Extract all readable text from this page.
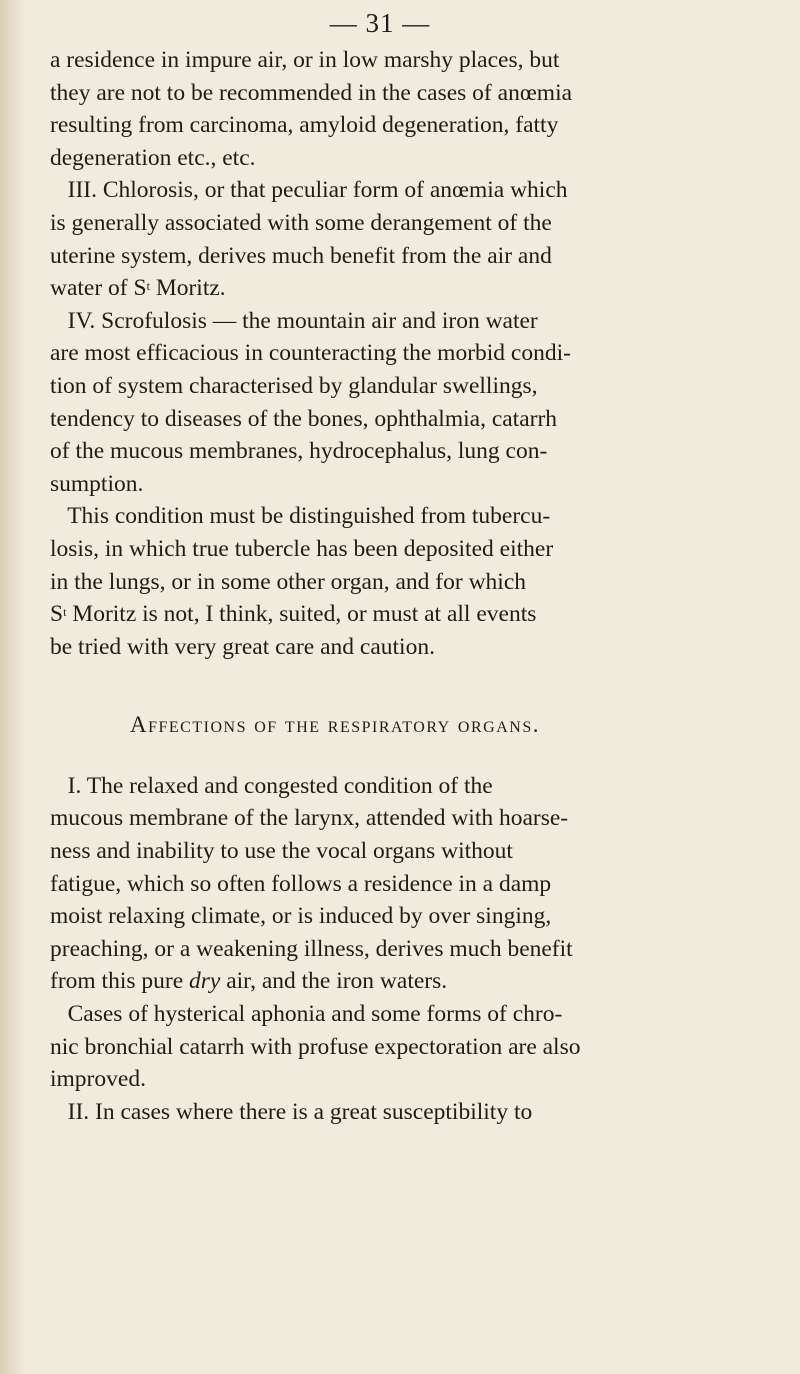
— 31 —
a residence in impure air, or in low marshy places, but
they are not to be recommended in the cases of anœmia
resulting from carcinoma, amyloid degeneration, fatty
degeneration etc., etc.
III. Chlorosis, or that peculiar form of anœmia which
is generally associated with some derangement of the
uterine system, derives much benefit from the air and
water of $S^t$ Moritz.
IV. Scrofulosis — the mountain air and iron water
are most efficacious in counteracting the morbid condi-
tion of system characterised by glandular swellings,
tendency to diseases of the bones, ophthalmia, catarrh
of the mucous membranes, hydrocephalus, lung con-
sumption.
This condition must be distinguished from tubercu-
losis, in which true tubercle has been deposited either
in the lungs, or in some other organ, and for which
$S^t$ Moritz is not, I think, suited, or must at all events
be tried with very great care and caution.
Affections of the respiratory organs.
I. The relaxed and congested condition of the
mucous membrane of the larynx, attended with hoarse-
ness and inability to use the vocal organs without
fatigue, which so often follows a residence in a damp
moist relaxing climate, or is induced by over singing,
preaching, or a weakening illness, derives much benefit
from this pure dry air, and the iron waters.
Cases of hysterical aphonia and some forms of chro-
nic bronchial catarrh with profuse expectoration are also
improved.
II. In cases where there is a great susceptibility to
